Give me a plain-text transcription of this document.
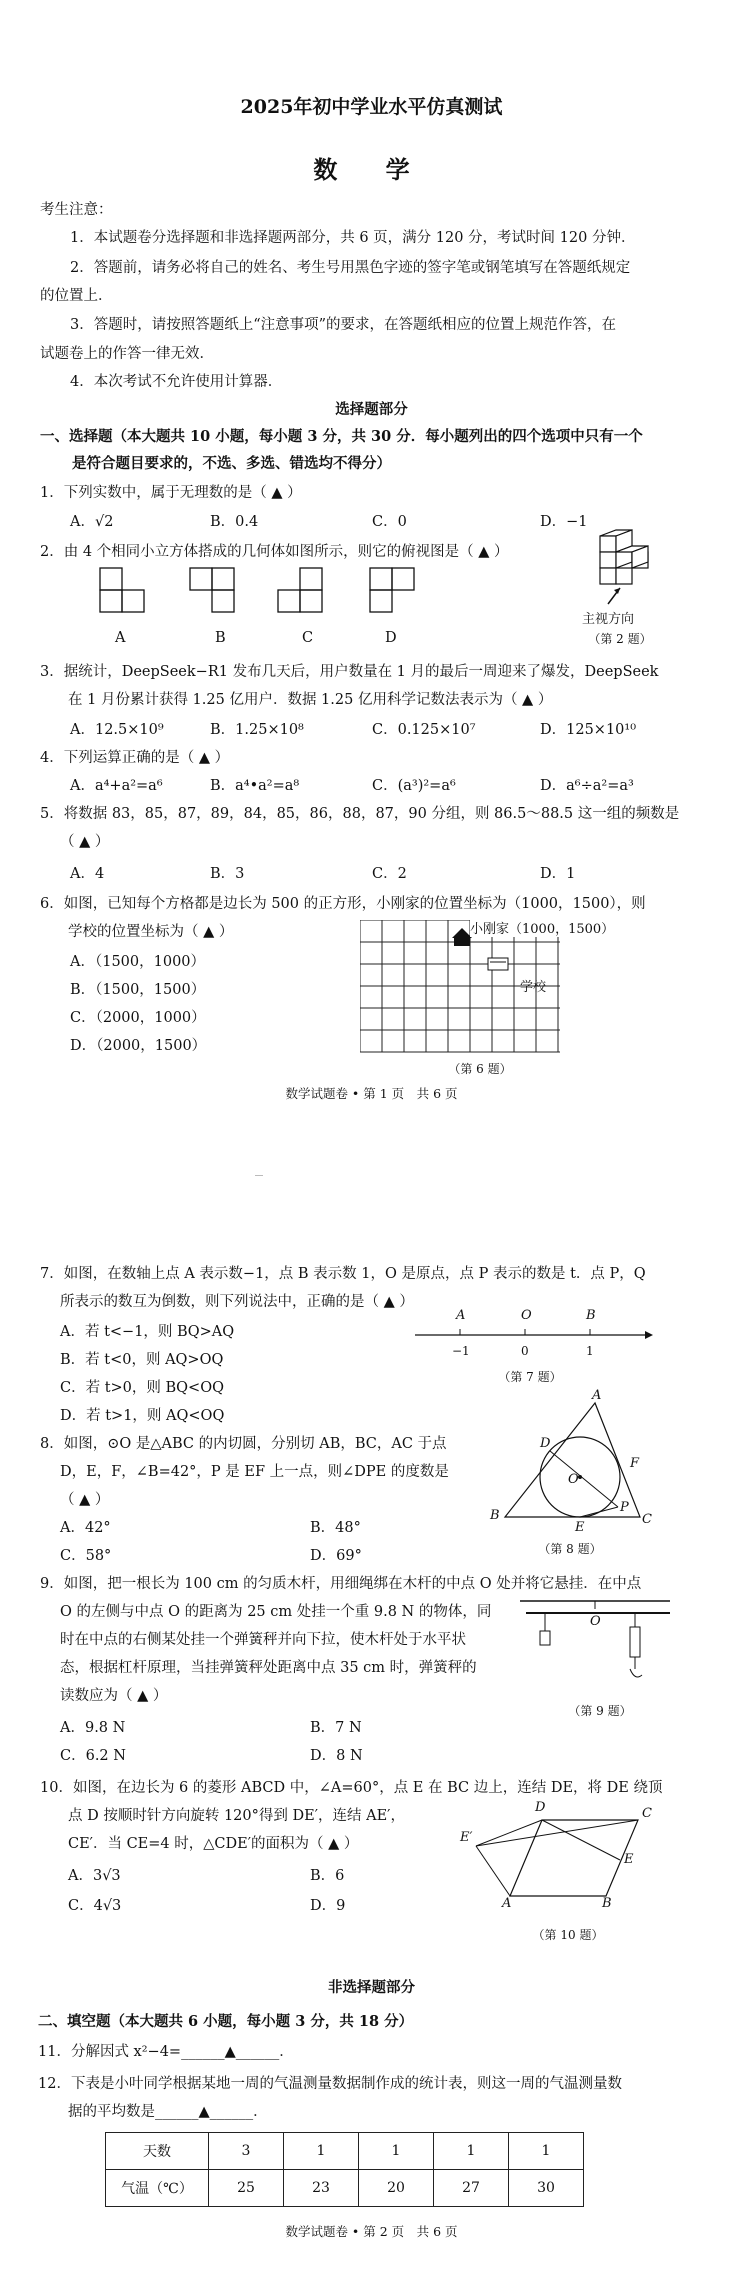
2025年初中学业水平仿真测试
数 学
考生注意：
1．本试题卷分选择题和非选择题两部分，共 6 页，满分 120 分，考试时间 120 分钟．
2．答题前，请务必将自己的姓名、考生号用黑色字迹的签字笔或钢笔填写在答题纸规定
的位置上．
3．答题时，请按照答题纸上“注意事项”的要求，在答题纸相应的位置上规范作答，在
试题卷上的作答一律无效．
4．本次考试不允许使用计算器．
选择题部分
一、选择题（本大题共 10 小题，每小题 3 分，共 30 分．每小题列出的四个选项中只有一个
是符合题目要求的，不选、多选、错选均不得分）
1．下列实数中，属于无理数的是（ ▲ ）
A．√2	B．0.4	C．0	D．−1
2．由 4 个相同小立方体搭成的几何体如图所示，则它的俯视图是（ ▲ ）
A	B	C	D
主视方向
（第 2 题）
3．据统计，DeepSeek−R1 发布几天后，用户数量在 1 月的最后一周迎来了爆发，DeepSeek
在 1 月份累计获得 1.25 亿用户．数据 1.25 亿用科学记数法表示为（ ▲ ）
A．12.5×10⁹	B．1.25×10⁸	C．0.125×10⁷	D．125×10¹⁰
4．下列运算正确的是（ ▲ ）
A．a⁴+a²=a⁶	B．a⁴•a²=a⁸	C．(a³)²=a⁶	D．a⁶÷a²=a³
5．将数据 83，85，87，89，84，85，86，88，87，90 分组，则 86.5～88.5 这一组的频数是
（ ▲ ）
A．4	B．3	C．2	D．1
6．如图，已知每个方格都是边长为 500 的正方形，小刚家的位置坐标为（1000，1500），则
学校的位置坐标为（ ▲ ）
A．（1500，1000）
B．（1500，1500）
C．（2000，1000）
D．（2000，1500）
小刚家（1000，1500）
学校
（第 6 题）
数学试题卷 • 第 1 页　共 6 页
7．如图，在数轴上点 A 表示数−1，点 B 表示数 1，O 是原点，点 P 表示的数是 t．点 P，Q
所表示的数互为倒数，则下列说法中，正确的是（ ▲ ）
A．若 t<−1，则 BQ>AQ
B．若 t<0，则 AQ>OQ
C．若 t>0，则 BQ<OQ
D．若 t>1，则 AQ<OQ
A	O	B
−1	0	1
（第 7 题）
8．如图，⊙O 是△ABC 的内切圆，分别切 AB，BC，AC 于点
D，E，F，∠B=42°，P 是 EF 上一点，则∠DPE 的度数是
（ ▲ ）
A．42°	B．48°
C．58°	D．69°
A
B	C
D
E
F
O
P
（第 8 题）
9．如图，把一根长为 100 cm 的匀质木杆，用细绳绑在木杆的中点 O 处并将它悬挂．在中点
O 的左侧与中点 O 的距离为 25 cm 处挂一个重 9.8 N 的物体，同
时在中点的右侧某处挂一个弹簧秤并向下拉，使木杆处于水平状
态，根据杠杆原理，当挂弹簧秤处距离中点 35 cm 时，弹簧秤的
读数应为（ ▲ ）
A．9.8 N	B．7 N
C．6.2 N	D．8 N
O
（第 9 题）
10．如图，在边长为 6 的菱形 ABCD 中，∠A=60°，点 E 在 BC 边上，连结 DE，将 DE 绕顶
点 D 按顺时针方向旋转 120°得到 DE′，连结 AE′，
CE′．当 CE=4 时，△CDE′的面积为（ ▲ ）
A．3√3	B．6
C．4√3	D．9
D	C
E
E′
A	B
（第 10 题）
非选择题部分
二、填空题（本大题共 6 小题，每小题 3 分，共 18 分）
11．分解因式 x²−4=______▲______．
12．下表是小叶同学根据某地一周的气温测量数据制作成的统计表，则这一周的气温测量数
据的平均数是______▲______．
天数	3	1	1	1	1
气温（℃）	25	23	20	27	30
数学试题卷 • 第 2 页　共 6 页
